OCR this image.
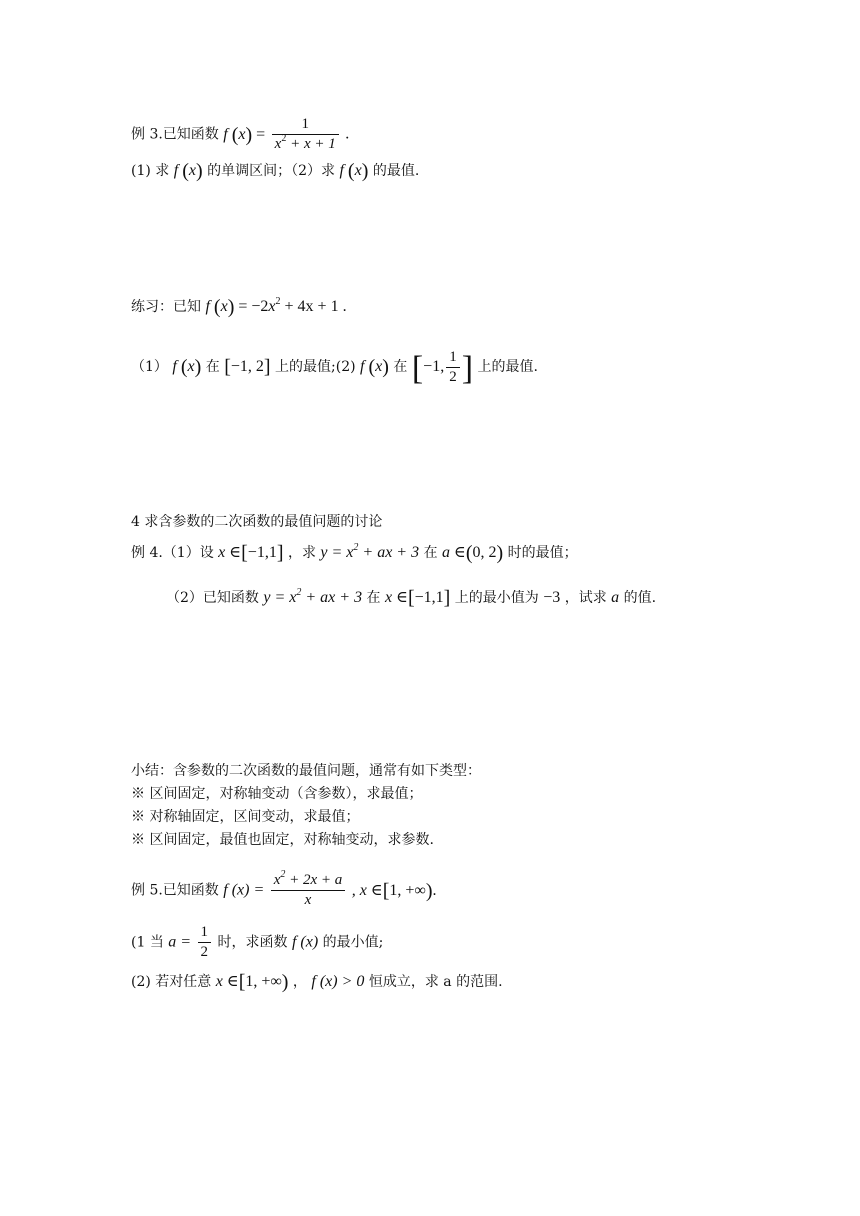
例 3.已知函数 f $(x) = \frac{1}{x^2 + x + 1}$ .
(1) 求 f (x) 的单调区间；（2）求 f (x) 的最值.
练习：已知 f $(x) = -2x^2 + 4x + 1$ .
（1） f (x) 在 [−1, 2] 上的最值;(2) f (x) 在 [−1, $\frac{1}{2}$ ] 上的最值.
4 求含参数的二次函数的最值问题的讨论
例 4.（1）设 x ∈[−1,1] ，求 $y = x^2$ + ax + 3 在 a ∈(0, 2) 时的最值；
（2）已知函数 $y = x^2$ + ax + 3 在 x ∈[−1,1] 上的最小值为 −3 ，试求 a 的值.
小结：含参数的二次函数的最值问题，通常有如下类型：
※ 区间固定，对称轴变动（含参数），求最值；
※ 对称轴固定，区间变动，求最值；
※ 区间固定，最值也固定，对称轴变动，求参数.
例 5.已知函数 f $(x) = \frac{x^2 + 2x + a}{x}$ , x ∈[1, +∞).
(1 当 $a = \frac{1}{2}$ 时，求函数 f (x) 的最小值;
(2) 若对任意 x ∈[1, +∞) ， f (x) > 0 恒成立，求 a 的范围.
